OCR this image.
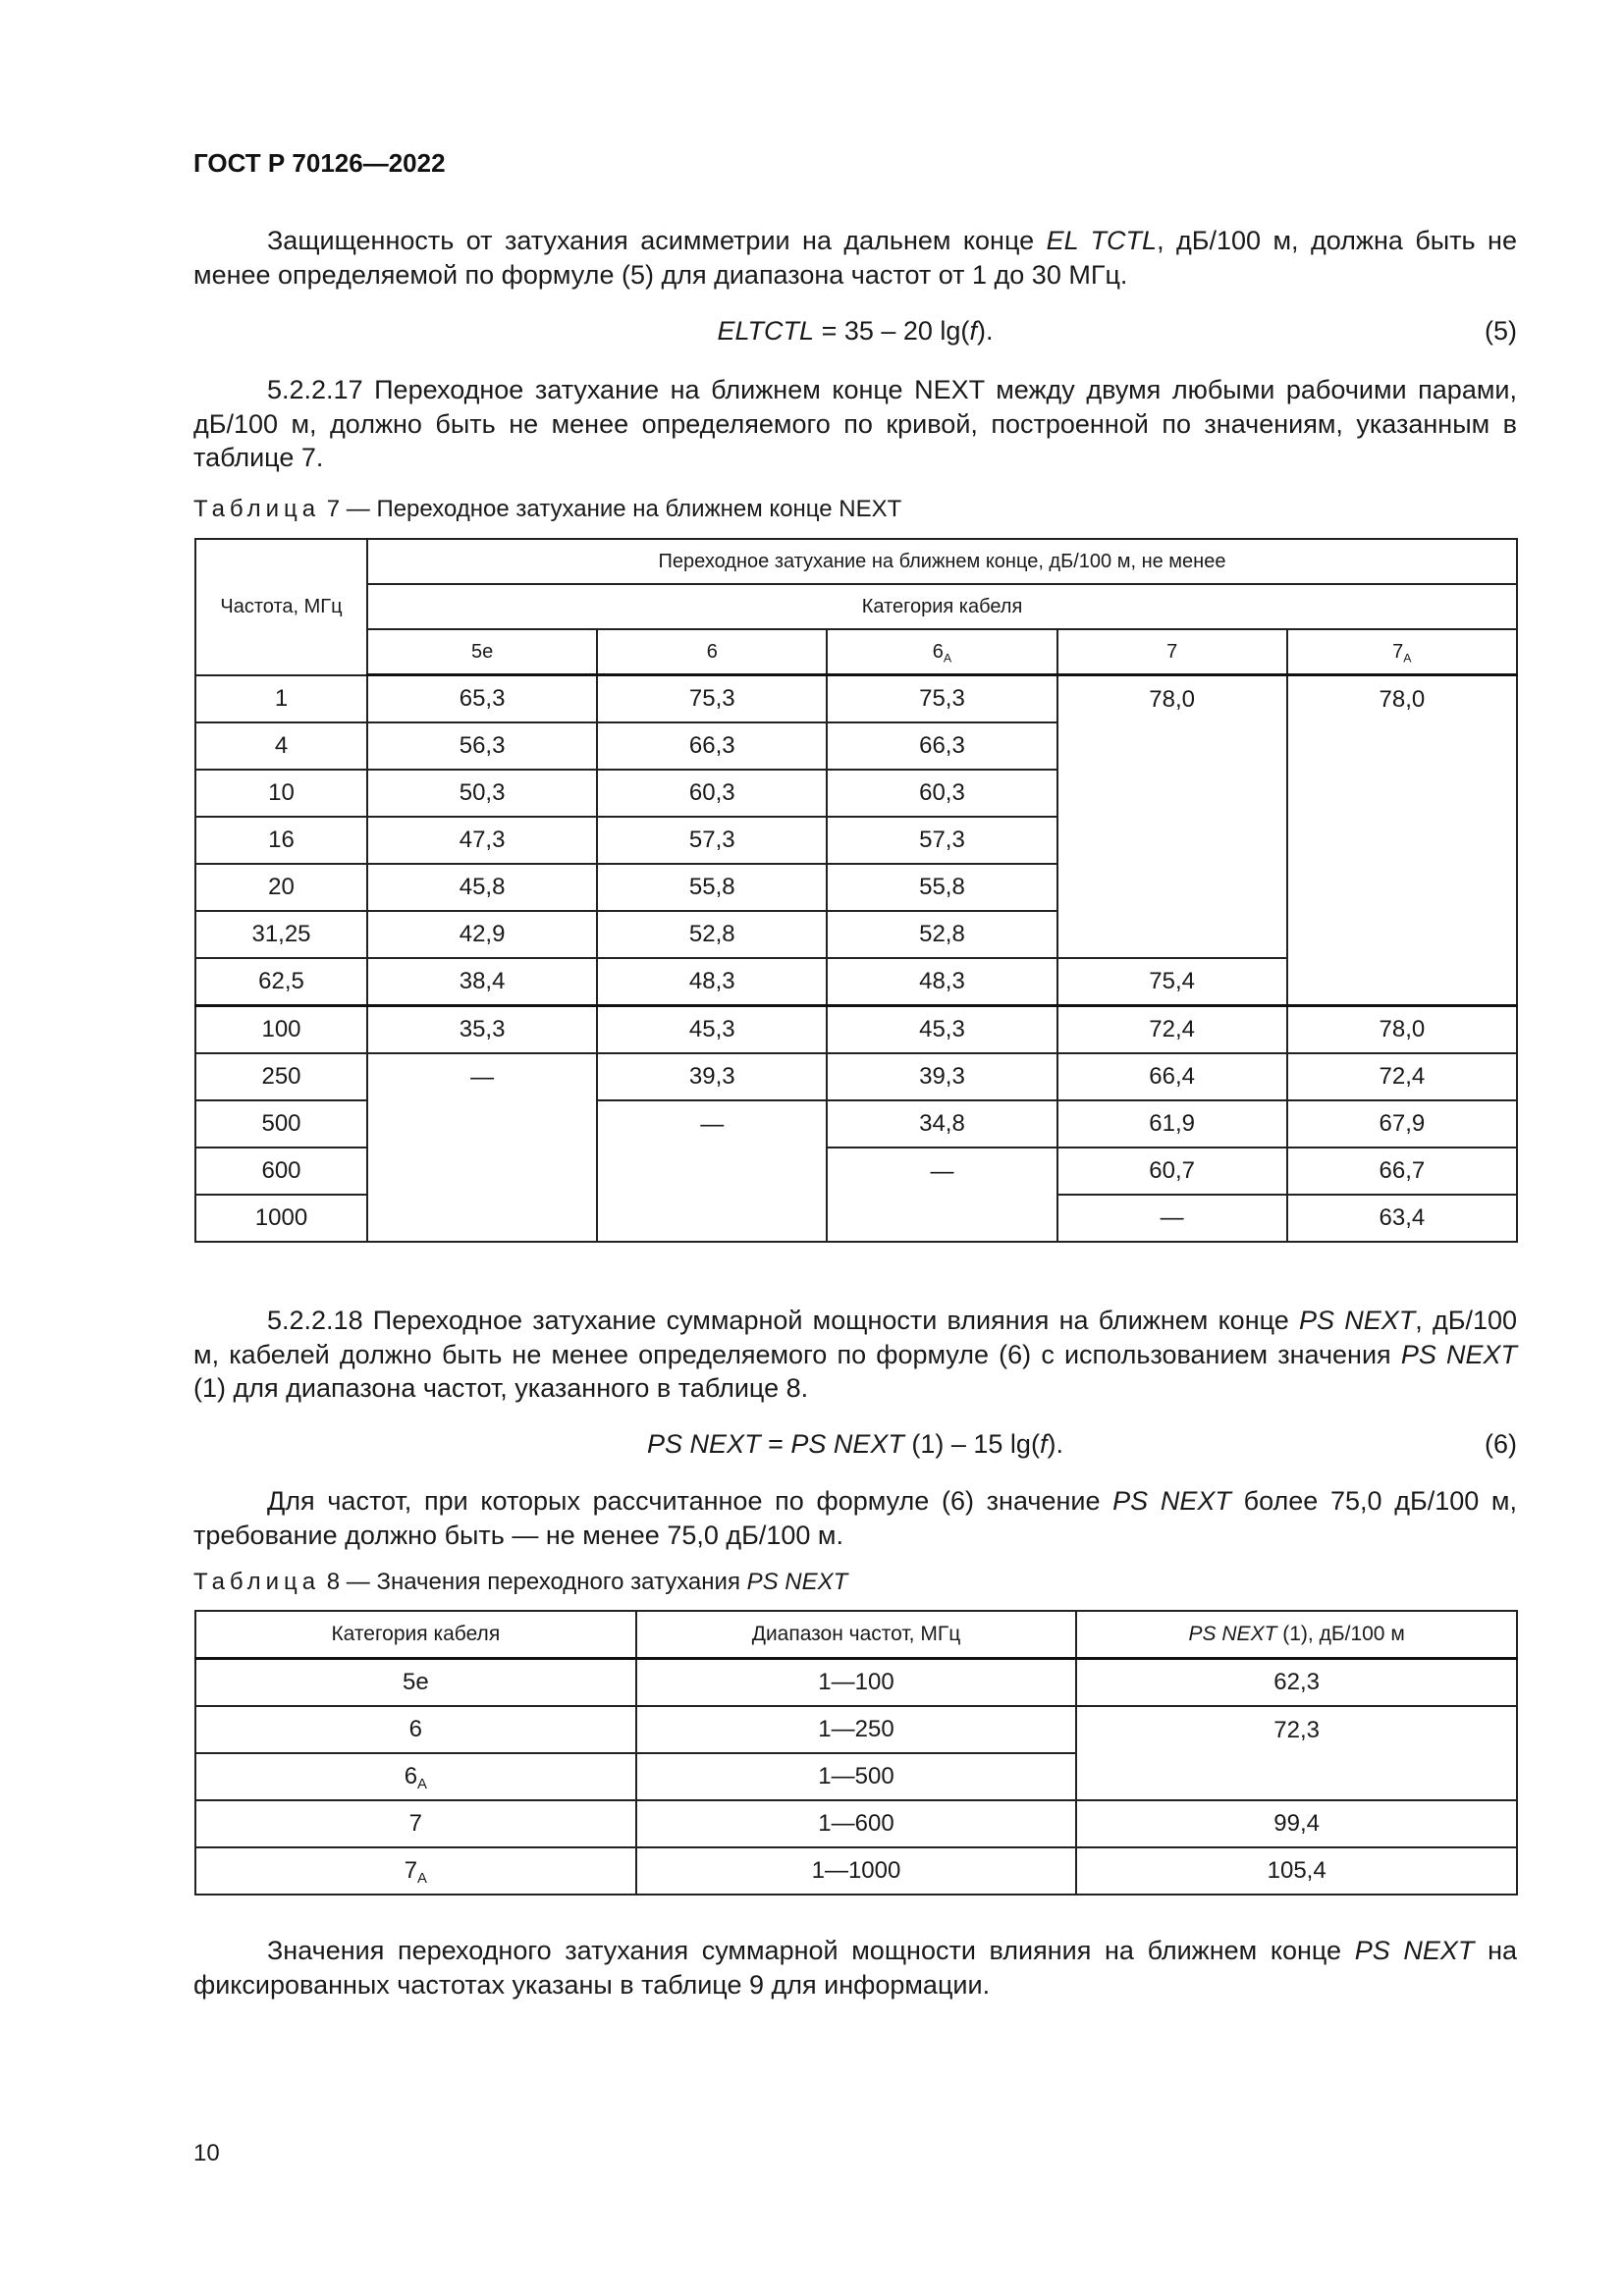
ГОСТ Р 70126—2022

Защищенность от затухания асимметрии на дальнем конце EL TCTL, дБ/100 м, должна быть не менее определяемой по формуле (5) для диапазона частот от 1 до 30 МГц.

ELTCTL = 35 – 20 lg(f).	(5)

5.2.2.17 Переходное затухание на ближнем конце NEXT между двумя любыми рабочими парами, дБ/100 м, должно быть не менее определяемого по кривой, построенной по значениям, указанным в таблице 7.

Таблица 7 — Переходное затухание на ближнем конце NEXT
Частота, МГц	Переходное затухание на ближнем конце, дБ/100 м, не менее				
	Категория кабеля				
	5e	6	$6_A$	7	$7_A$
1	65,3	75,3	75,3	78,0	78,0
4	56,3	66,3	66,3		
10	50,3	60,3	60,3		
16	47,3	57,3	57,3		
20	45,8	55,8	55,8		
31,25	42,9	52,8	52,8		
62,5	38,4	48,3	48,3	75,4	
100	35,3	45,3	45,3	72,4	78,0
250	—	39,3	39,3	66,4	72,4
500		—	34,8	61,9	67,9
600			—	60,7	66,7
1000				—	63,4

5.2.2.18 Переходное затухание суммарной мощности влияния на ближнем конце PS NEXT, дБ/100 м, кабелей должно быть не менее определяемого по формуле (6) с использованием значения PS NEXT (1) для диапазона частот, указанного в таблице 8.

PS NEXT = PS NEXT (1) – 15 lg(f).	(6)

Для частот, при которых рассчитанное по формуле (6) значение PS NEXT более 75,0 дБ/100 м, требование должно быть — не менее 75,0 дБ/100 м.

Таблица 8 — Значения переходного затухания PS NEXT
Категория кабеля	Диапазон частот, МГц	PS NEXT (1), дБ/100 м
5e	1—100	62,3
6	1—250	72,3
$6_A$	1—500	
7	1—600	99,4
$7_A$	1—1000	105,4

Значения переходного затухания суммарной мощности влияния на ближнем конце PS NEXT на фиксированных частотах указаны в таблице 9 для информации.

10
